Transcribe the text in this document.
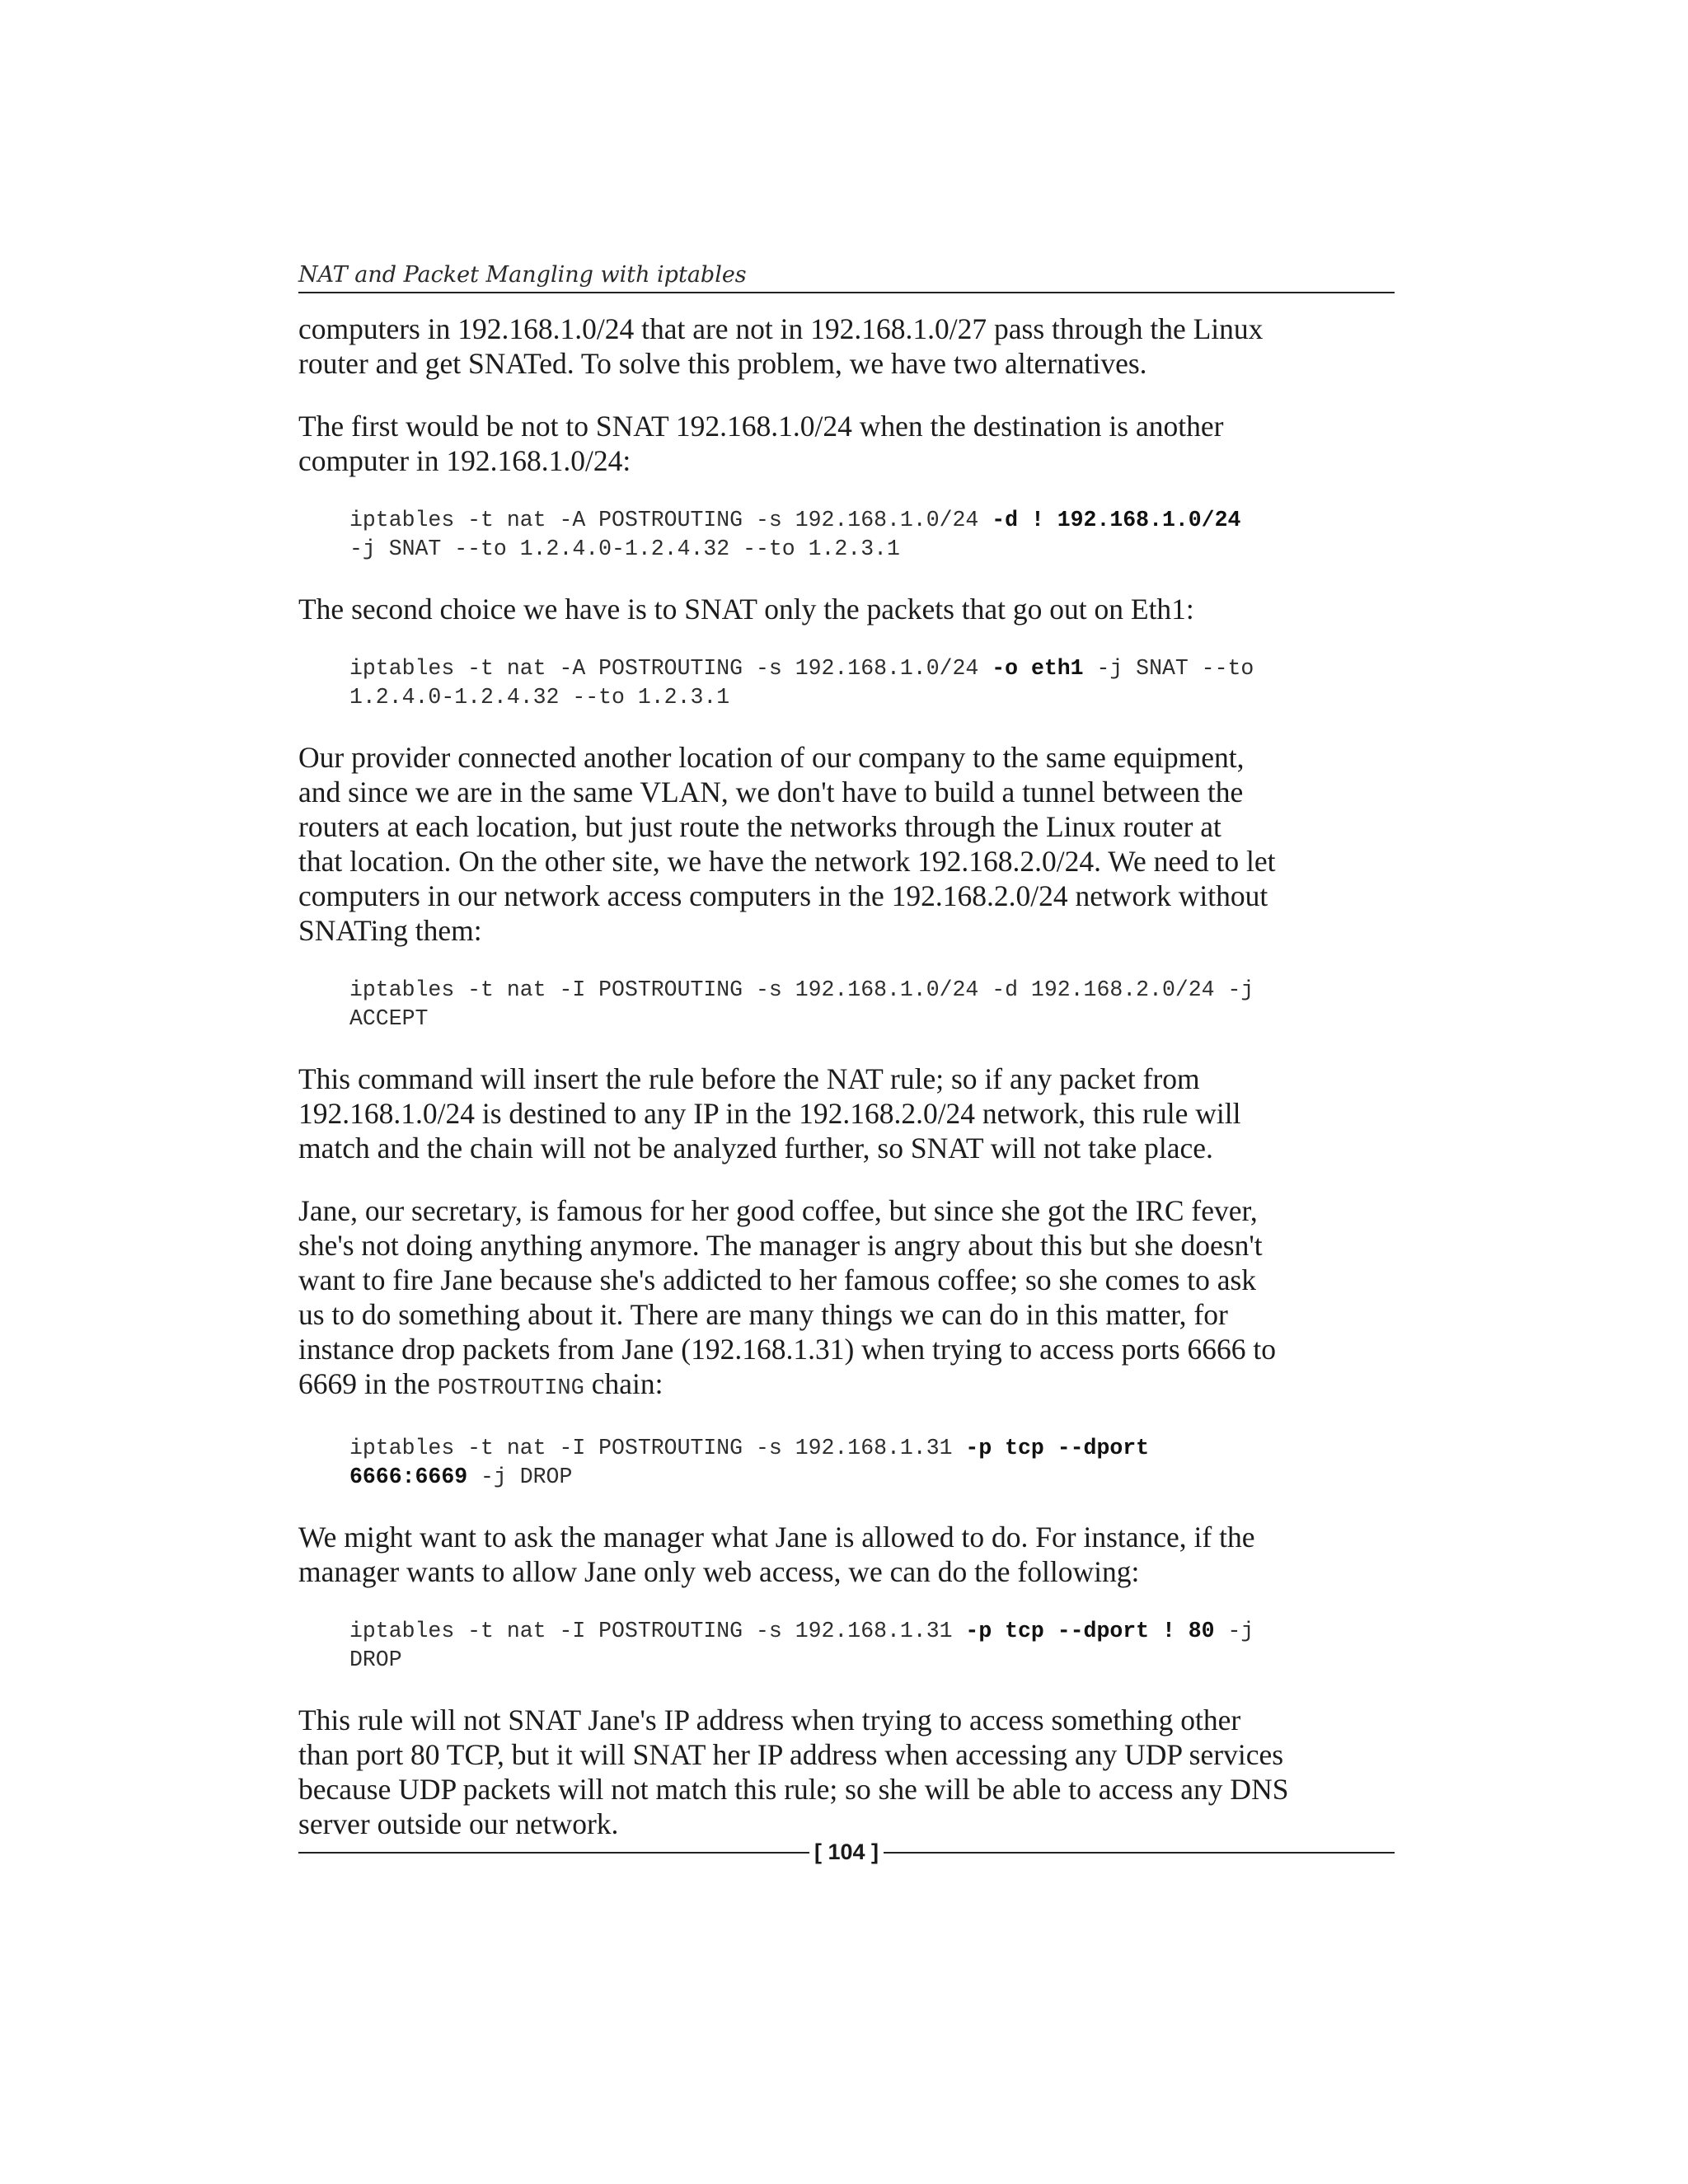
NAT and Packet Mangling with iptables

computers in 192.168.1.0/24 that are not in 192.168.1.0/27 pass through the Linux
router and get SNATed. To solve this problem, we have two alternatives.

The first would be not to SNAT 192.168.1.0/24 when the destination is another
computer in 192.168.1.0/24:

iptables -t nat -A POSTROUTING -s 192.168.1.0/24 -d ! 192.168.1.0/24
-j SNAT --to 1.2.4.0-1.2.4.32 --to 1.2.3.1

The second choice we have is to SNAT only the packets that go out on Eth1:

iptables -t nat -A POSTROUTING -s 192.168.1.0/24 -o eth1 -j SNAT --to
1.2.4.0-1.2.4.32 --to 1.2.3.1

Our provider connected another location of our company to the same equipment,
and since we are in the same VLAN, we don't have to build a tunnel between the
routers at each location, but just route the networks through the Linux router at
that location. On the other site, we have the network 192.168.2.0/24. We need to let
computers in our network access computers in the 192.168.2.0/24 network without
SNATing them:

iptables -t nat -I POSTROUTING -s 192.168.1.0/24 -d 192.168.2.0/24 -j
ACCEPT

This command will insert the rule before the NAT rule; so if any packet from
192.168.1.0/24 is destined to any IP in the 192.168.2.0/24 network, this rule will
match and the chain will not be analyzed further, so SNAT will not take place.

Jane, our secretary, is famous for her good coffee, but since she got the IRC fever,
she's not doing anything anymore. The manager is angry about this but she doesn't
want to fire Jane because she's addicted to her famous coffee; so she comes to ask
us to do something about it. There are many things we can do in this matter, for
instance drop packets from Jane (192.168.1.31) when trying to access ports 6666 to
6669 in the POSTROUTING chain:

iptables -t nat -I POSTROUTING -s 192.168.1.31 -p tcp --dport
6666:6669 -j DROP

We might want to ask the manager what Jane is allowed to do. For instance, if the
manager wants to allow Jane only web access, we can do the following:

iptables -t nat -I POSTROUTING -s 192.168.1.31 -p tcp --dport ! 80 -j
DROP

This rule will not SNAT Jane's IP address when trying to access something other
than port 80 TCP, but it will SNAT her IP address when accessing any UDP services
because UDP packets will not match this rule; so she will be able to access any DNS
server outside our network.

[ 104 ]
